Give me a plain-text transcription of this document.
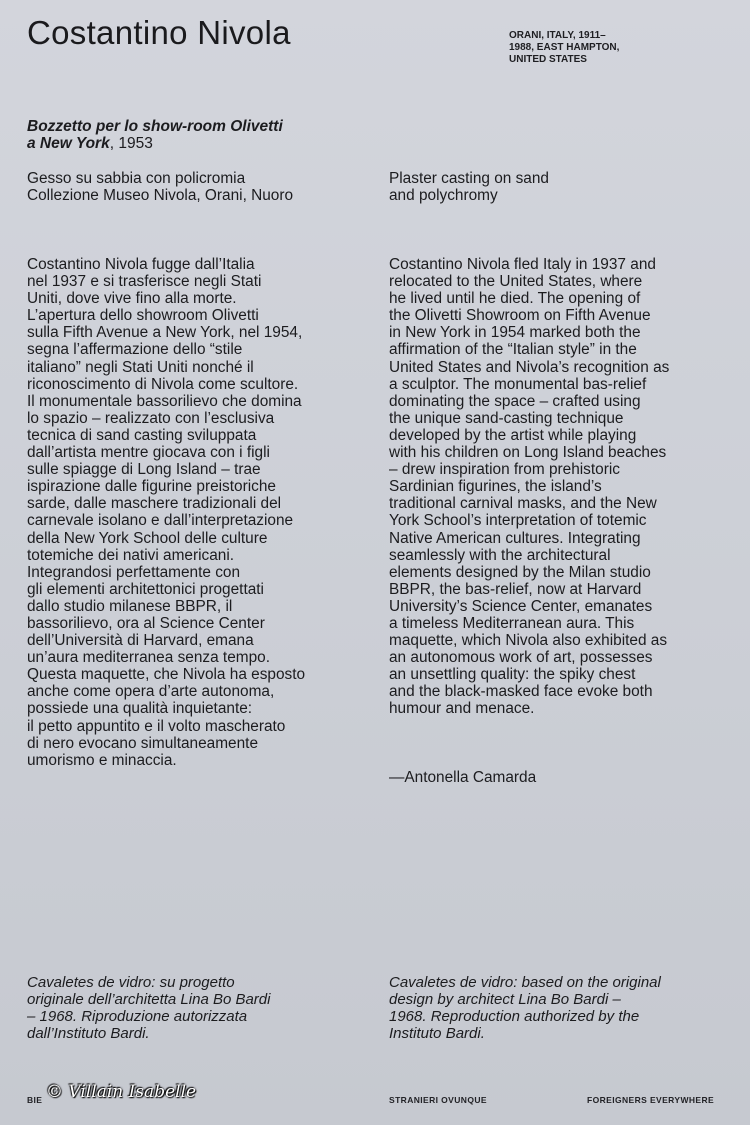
Costantino Nivola	ORANI, ITALY, 1911–
1988, EAST HAMPTON,
UNITED STATES

Bozzetto per lo show-room Olivetti
a New York, 1953

Gesso su sabbia con policromia
Collezione Museo Nivola, Orani, Nuoro

Plaster casting on sand
and polychromy

Costantino Nivola fugge dall’Italia
nel 1937 e si trasferisce negli Stati
Uniti, dove vive fino alla morte.
L’apertura dello showroom Olivetti
sulla Fifth Avenue a New York, nel 1954,
segna l’affermazione dello “stile
italiano” negli Stati Uniti nonché il
riconoscimento di Nivola come scultore.
Il monumentale bassorilievo che domina
lo spazio – realizzato con l’esclusiva
tecnica di sand casting sviluppata
dall’artista mentre giocava con i figli
sulle spiagge di Long Island – trae
ispirazione dalle figurine preistoriche
sarde, dalle maschere tradizionali del
carnevale isolano e dall’interpretazione
della New York School delle culture
totemiche dei nativi americani.
Integrandosi perfettamente con
gli elementi architettonici progettati
dallo studio milanese BBPR, il
bassorilievo, ora al Science Center
dell’Università di Harvard, emana
un’aura mediterranea senza tempo.
Questa maquette, che Nivola ha esposto
anche come opera d’arte autonoma,
possiede una qualità inquietante:
il petto appuntito e il volto mascherato
di nero evocano simultaneamente
umorismo e minaccia.

Costantino Nivola fled Italy in 1937 and
relocated to the United States, where
he lived until he died. The opening of
the Olivetti Showroom on Fifth Avenue
in New York in 1954 marked both the
affirmation of the “Italian style” in the
United States and Nivola’s recognition as
a sculptor. The monumental bas-relief
dominating the space – crafted using
the unique sand-casting technique
developed by the artist while playing
with his children on Long Island beaches
– drew inspiration from prehistoric
Sardinian figurines, the island’s
traditional carnival masks, and the New
York School’s interpretation of totemic
Native American cultures. Integrating
seamlessly with the architectural
elements designed by the Milan studio
BBPR, the bas-relief, now at Harvard
University’s Science Center, emanates
a timeless Mediterranean aura. This
maquette, which Nivola also exhibited as
an autonomous work of art, possesses
an unsettling quality: the spiky chest
and the black-masked face evoke both
humour and menace.

—Antonella Camarda

Cavaletes de vidro: su progetto
originale dell’architetta Lina Bo Bardi
– 1968. Riproduzione autorizzata
dall’Instituto Bardi.

Cavaletes de vidro: based on the original
design by architect Lina Bo Bardi –
1968. Reproduction authorized by the
Instituto Bardi.

BIE	STRANIERI OVUNQUE	FOREIGNERS EVERYWHERE

© Villain Isabelle
